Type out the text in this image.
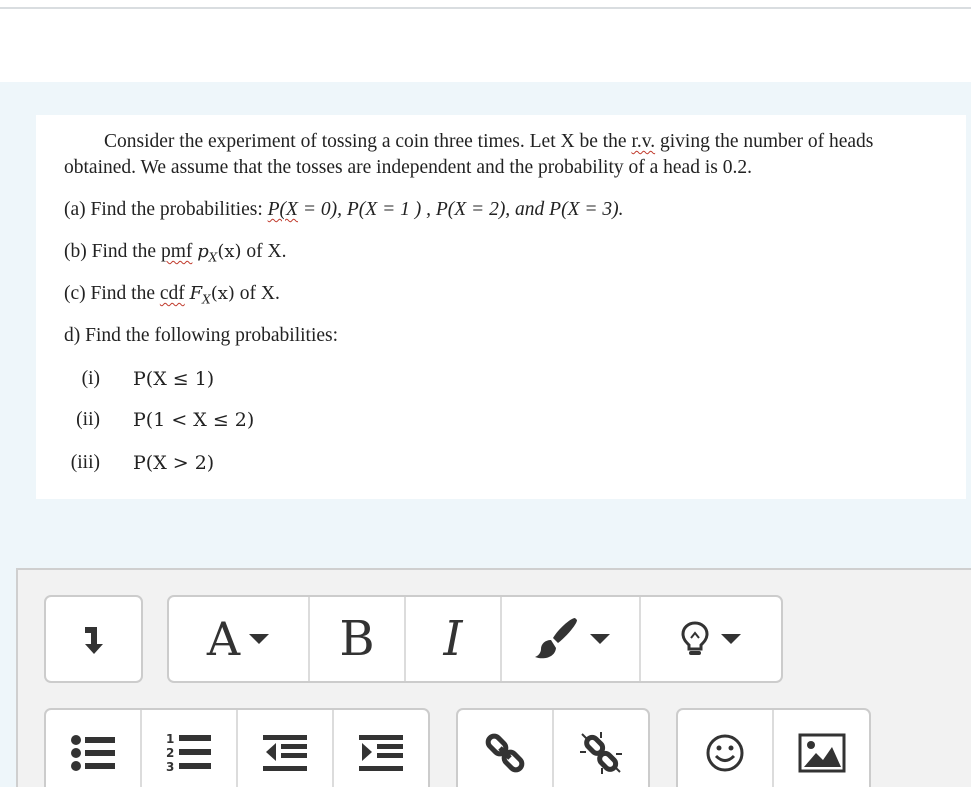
Consider the experiment of tossing a coin three times. Let X be the r.v. giving the number of heads
obtained. We assume that the tosses are independent and the probability of a head is 0.2.
(a) Find the probabilities: P(X = 0), P(X = 1 ) , P(X = 2), and P(X = 3).
(b) Find the pmf $p_X(x)$ of X.
(c) Find the cdf $F_X(x)$ of X.
d) Find the following probabilities:
(i) P(X ≤ 1)
(ii) P(1 < X ≤ 2)
(iii) P(X > 2)
A B I
1
2
3
